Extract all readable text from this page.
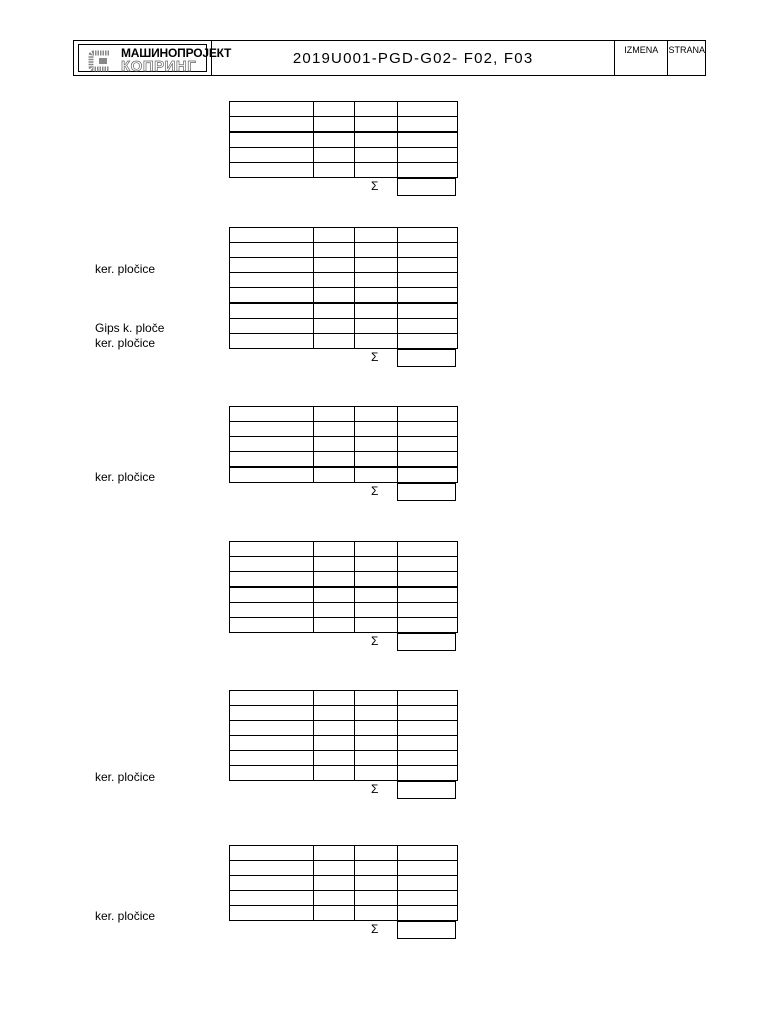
МАШИНОПРОЈЕКТ
КОПРИНГ	2019U001-PGD-G02- F02, F03	IZMENA	STRANA

Σ

Σ
ker. pločice
Gips k. ploče
ker. pločice

Σ
ker. pločice

Σ

Σ
ker. pločice

Σ
ker. pločice
